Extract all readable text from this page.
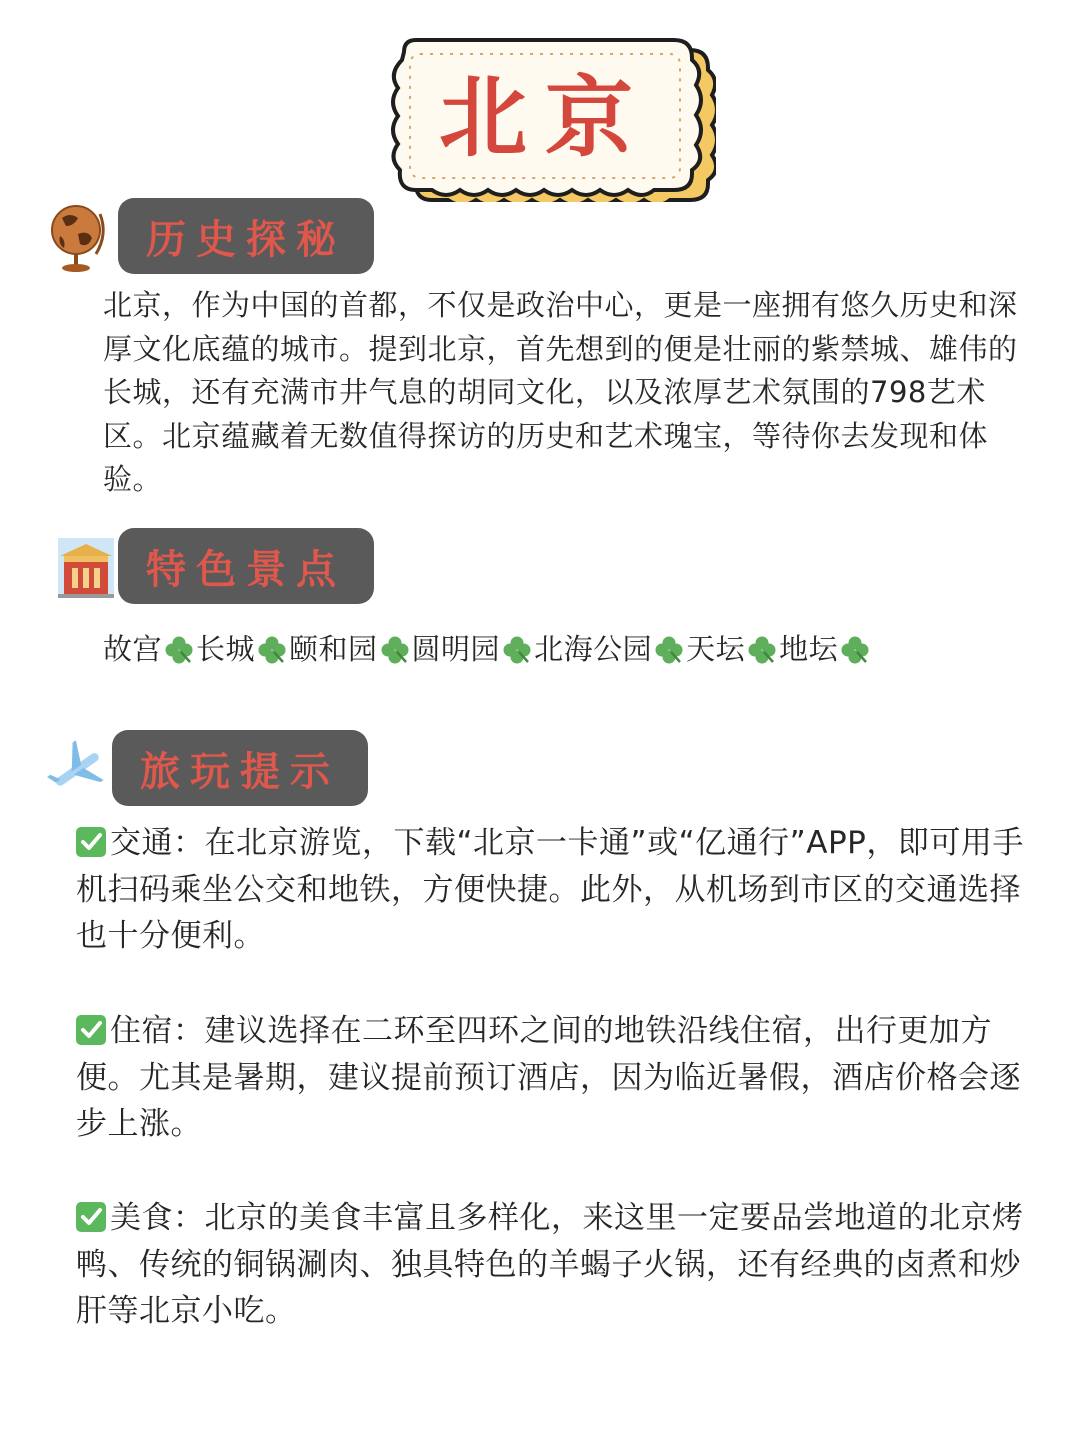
北京
历史探秘

北京，作为中国的首都，不仅是政治中心，更是一座拥有悠久历史和深厚文化底蕴的城市。提到北京，首先想到的便是壮丽的紫禁城、雄伟的长城，还有充满市井气息的胡同文化，以及浓厚艺术氛围的798艺术区。北京蕴藏着无数值得探访的历史和艺术瑰宝，等待你去发现和体验。

特色景点
故宫 长城 颐和园 圆明园 北海公园 天坛 地坛
旅玩提示

交通：在北京游览，下载“北京一卡通”或“亿通行”APP，即可用手机扫码乘坐公交和地铁，方便快捷。此外，从机场到市区的交通选择也十分便利。

住宿：建议选择在二环至四环之间的地铁沿线住宿，出行更加方便。尤其是暑期，建议提前预订酒店，因为临近暑假，酒店价格会逐步上涨。

美食：北京的美食丰富且多样化，来这里一定要品尝地道的北京烤鸭、传统的铜锅涮肉、独具特色的羊蝎子火锅，还有经典的卤煮和炒肝等北京小吃。
